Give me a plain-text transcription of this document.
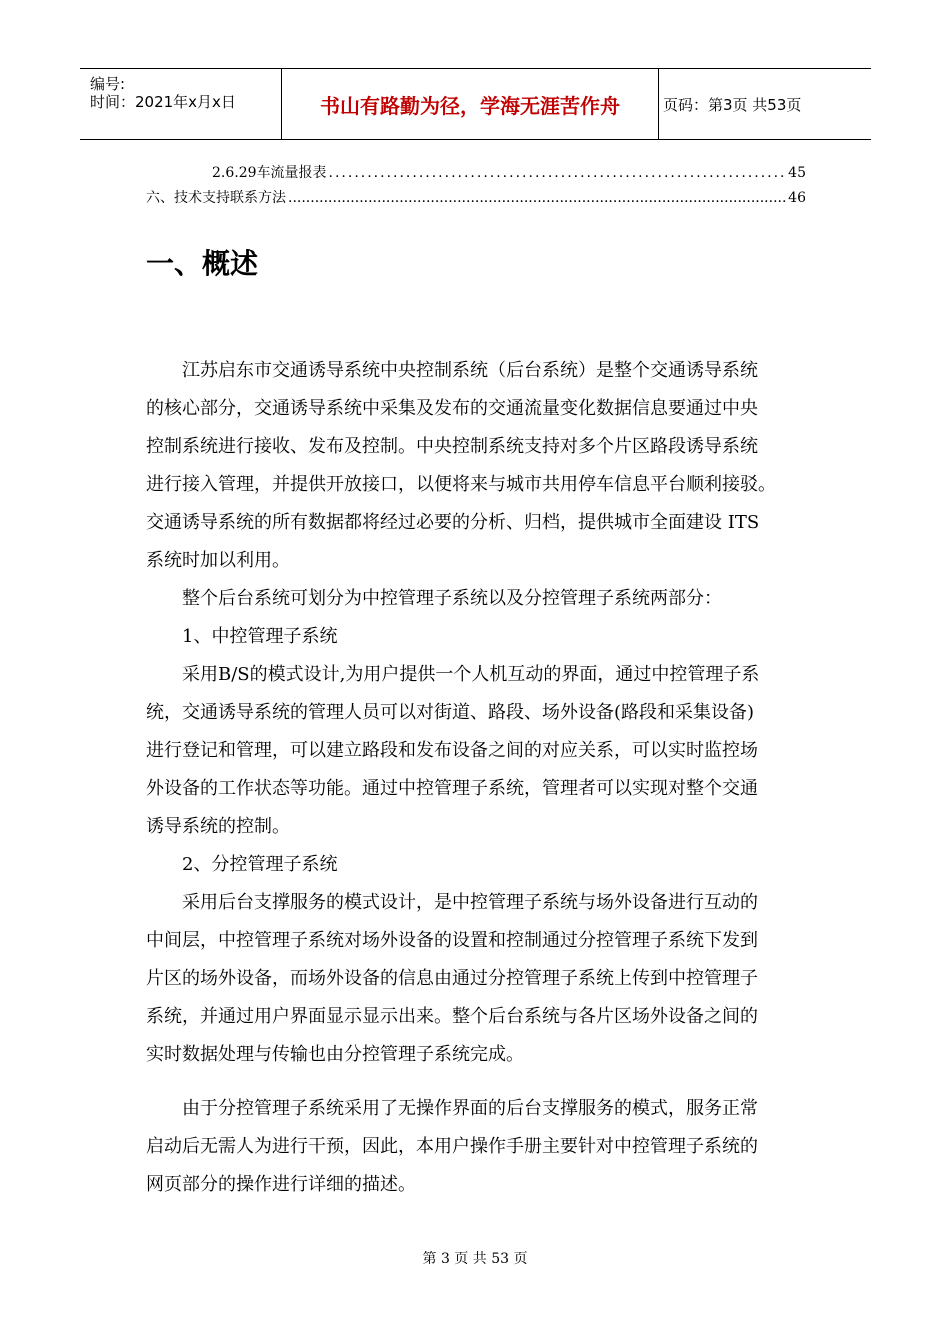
编号:
时间：2021年x月x日	书山有路勤为径，学海无涯苦作舟	页码：第3页 共53页
2.6.29车流量报表 .....	45
六、技术支持联系方法 .....	46
一、概述
江苏启东市交通诱导系统中央控制系统（后台系统）是整个交通诱导系统
的核心部分，交通诱导系统中采集及发布的交通流量变化数据信息要通过中央
控制系统进行接收、发布及控制。中央控制系统支持对多个片区路段诱导系统
进行接入管理，并提供开放接口，以便将来与城市共用停车信息平台顺利接驳。
交通诱导系统的所有数据都将经过必要的分析、归档，提供城市全面建设 ITS
系统时加以利用。
整个后台系统可划分为中控管理子系统以及分控管理子系统两部分：
1、中控管理子系统
采用B/S的模式设计,为用户提供一个人机互动的界面，通过中控管理子系
统，交通诱导系统的管理人员可以对街道、路段、场外设备(路段和采集设备)
进行登记和管理，可以建立路段和发布设备之间的对应关系，可以实时监控场
外设备的工作状态等功能。通过中控管理子系统，管理者可以实现对整个交通
诱导系统的控制。
2、分控管理子系统
采用后台支撑服务的模式设计，是中控管理子系统与场外设备进行互动的
中间层，中控管理子系统对场外设备的设置和控制通过分控管理子系统下发到
片区的场外设备，而场外设备的信息由通过分控管理子系统上传到中控管理子
系统，并通过用户界面显示显示出来。整个后台系统与各片区场外设备之间的
实时数据处理与传输也由分控管理子系统完成。
由于分控管理子系统采用了无操作界面的后台支撑服务的模式，服务正常
启动后无需人为进行干预，因此，本用户操作手册主要针对中控管理子系统的
网页部分的操作进行详细的描述。
第 3 页 共 53 页
